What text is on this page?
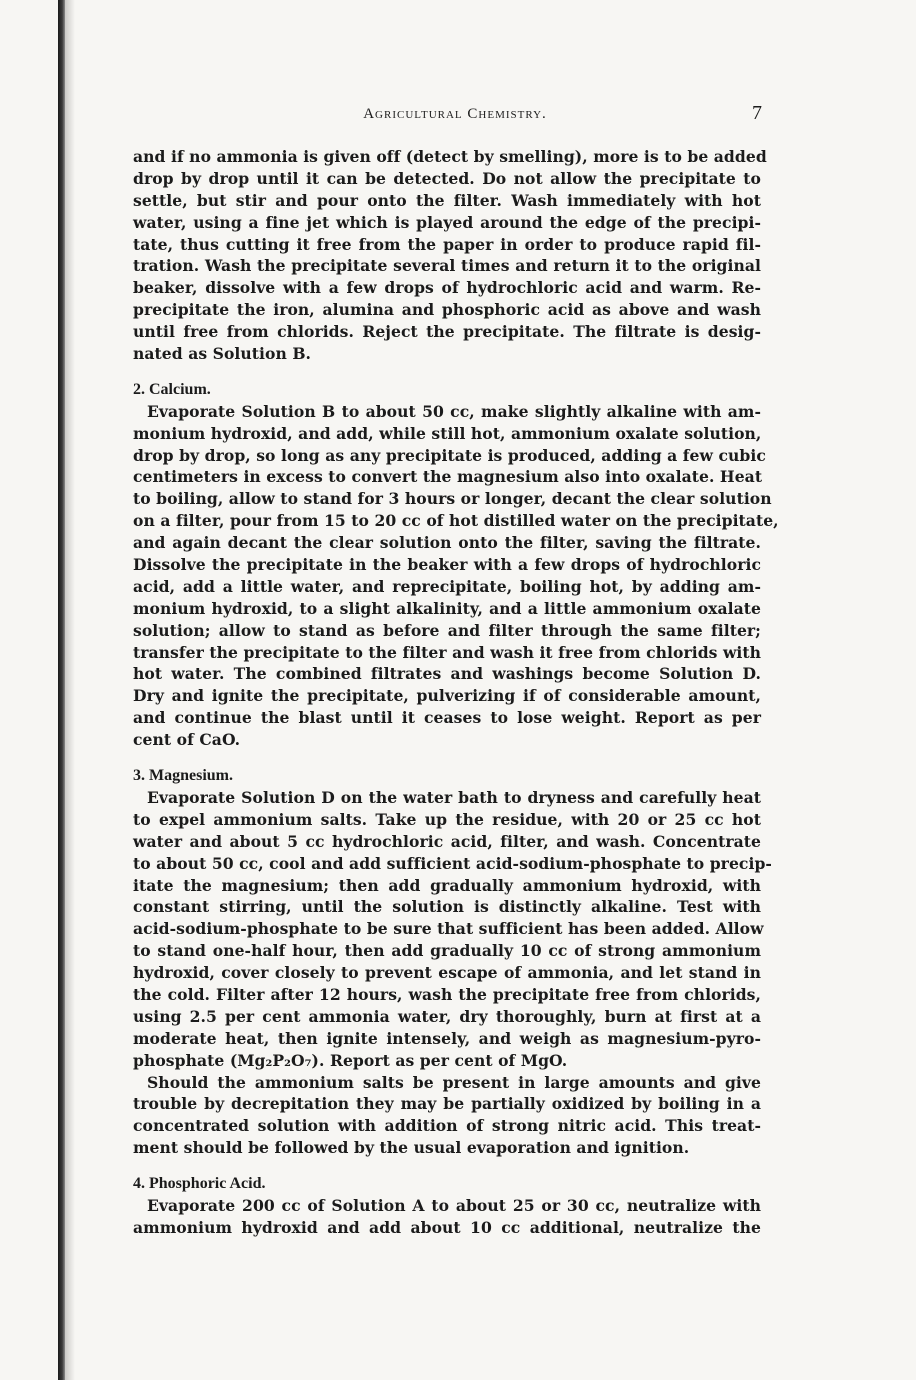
Agricultural Chemistry.	7
and if no ammonia is given off (detect by smelling), more is to be added
drop by drop until it can be detected. Do not allow the precipitate to
settle, but stir and pour onto the filter. Wash immediately with hot
water, using a fine jet which is played around the edge of the precipi-
tate, thus cutting it free from the paper in order to produce rapid fil-
tration. Wash the precipitate several times and return it to the original
beaker, dissolve with a few drops of hydrochloric acid and warm. Re-
precipitate the iron, alumina and phosphoric acid as above and wash
until free from chlorids. Reject the precipitate. The filtrate is desig-
nated as Solution B.
2. Calcium.
Evaporate Solution B to about 50 cc, make slightly alkaline with am-
monium hydroxid, and add, while still hot, ammonium oxalate solution,
drop by drop, so long as any precipitate is produced, adding a few cubic
centimeters in excess to convert the magnesium also into oxalate. Heat
to boiling, allow to stand for 3 hours or longer, decant the clear solution
on a filter, pour from 15 to 20 cc of hot distilled water on the precipitate,
and again decant the clear solution onto the filter, saving the filtrate.
Dissolve the precipitate in the beaker with a few drops of hydrochloric
acid, add a little water, and reprecipitate, boiling hot, by adding am-
monium hydroxid, to a slight alkalinity, and a little ammonium oxalate
solution; allow to stand as before and filter through the same filter;
transfer the precipitate to the filter and wash it free from chlorids with
hot water. The combined filtrates and washings become Solution D.
Dry and ignite the precipitate, pulverizing if of considerable amount,
and continue the blast until it ceases to lose weight. Report as per
cent of CaO.
3. Magnesium.
Evaporate Solution D on the water bath to dryness and carefully heat
to expel ammonium salts. Take up the residue, with 20 or 25 cc hot
water and about 5 cc hydrochloric acid, filter, and wash. Concentrate
to about 50 cc, cool and add sufficient acid-sodium-phosphate to precip-
itate the magnesium; then add gradually ammonium hydroxid, with
constant stirring, until the solution is distinctly alkaline. Test with
acid-sodium-phosphate to be sure that sufficient has been added. Allow
to stand one-half hour, then add gradually 10 cc of strong ammonium
hydroxid, cover closely to prevent escape of ammonia, and let stand in
the cold. Filter after 12 hours, wash the precipitate free from chlorids,
using 2.5 per cent ammonia water, dry thoroughly, burn at first at a
moderate heat, then ignite intensely, and weigh as magnesium-pyro-
phosphate (Mg₂P₂O₇). Report as per cent of MgO.
Should the ammonium salts be present in large amounts and give
trouble by decrepitation they may be partially oxidized by boiling in a
concentrated solution with addition of strong nitric acid. This treat-
ment should be followed by the usual evaporation and ignition.
4. Phosphoric Acid.
Evaporate 200 cc of Solution A to about 25 or 30 cc, neutralize with
ammonium hydroxid and add about 10 cc additional, neutralize the
